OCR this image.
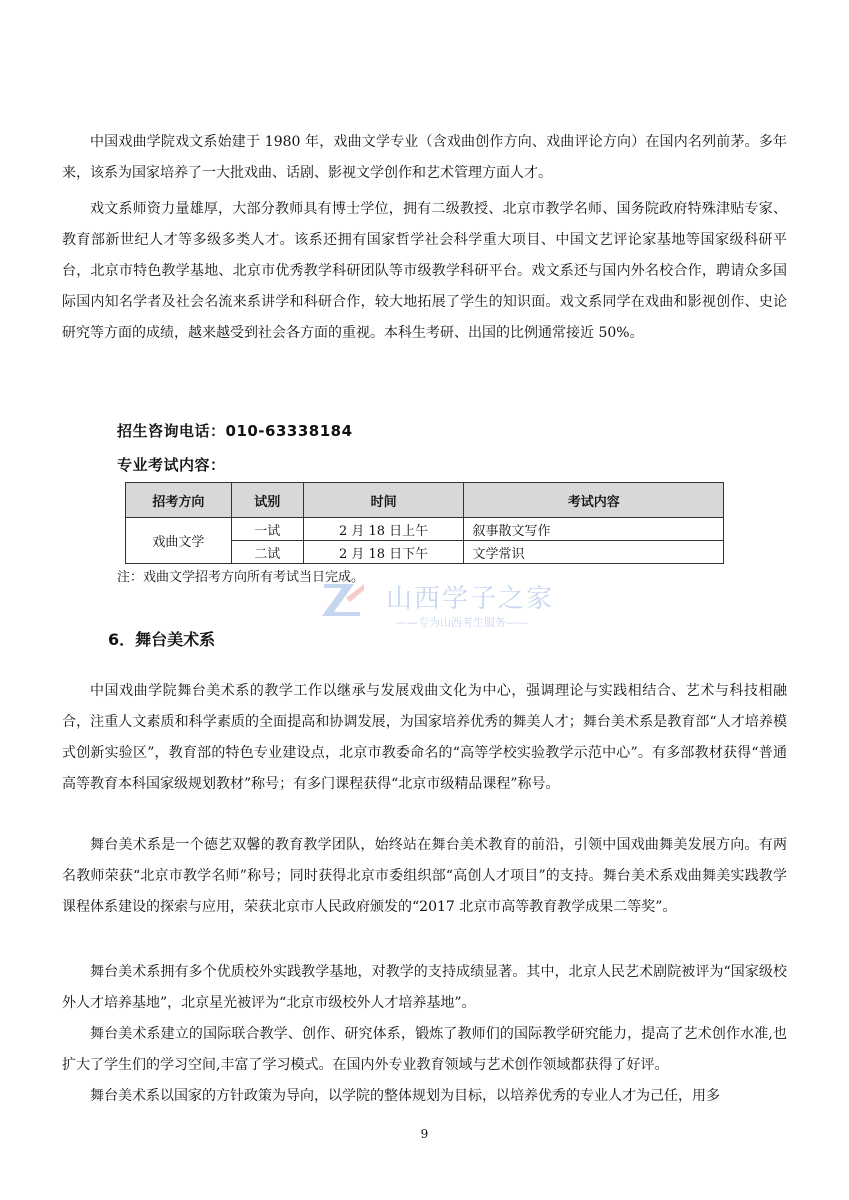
中国戏曲学院戏文系始建于 1980 年，戏曲文学专业（含戏曲创作方向、戏曲评论方向）在国内名列前茅。多年来，该系为国家培养了一大批戏曲、话剧、影视文学创作和艺术管理方面人才。

戏文系师资力量雄厚，大部分教师具有博士学位，拥有二级教授、北京市教学名师、国务院政府特殊津贴专家、教育部新世纪人才等多级多类人才。该系还拥有国家哲学社会科学重大项目、中国文艺评论家基地等国家级科研平台，北京市特色教学基地、北京市优秀教学科研团队等市级教学科研平台。戏文系还与国内外名校合作，聘请众多国际国内知名学者及社会名流来系讲学和科研合作，较大地拓展了学生的知识面。戏文系同学在戏曲和影视创作、史论研究等方面的成绩，越来越受到社会各方面的重视。本科生考研、出国的比例通常接近 50%。

招生咨询电话：010-63338184
专业考试内容：
招考方向	试别	时间	考试内容
戏曲文学	一试	2 月 18 日上午	叙事散文写作
	二试	2 月 18 日下午	文学常识
注：戏曲文学招考方向所有考试当日完成。
山西学子之家
——专为山西考生服务——
6．舞台美术系

中国戏曲学院舞台美术系的教学工作以继承与发展戏曲文化为中心，强调理论与实践相结合、艺术与科技相融合，注重人文素质和科学素质的全面提高和协调发展，为国家培养优秀的舞美人才；舞台美术系是教育部“人才培养模式创新实验区”，教育部的特色专业建设点，北京市教委命名的“高等学校实验教学示范中心”。有多部教材获得“普通高等教育本科国家级规划教材”称号；有多门课程获得“北京市级精品课程”称号。

舞台美术系是一个德艺双馨的教育教学团队，始终站在舞台美术教育的前沿，引领中国戏曲舞美发展方向。有两名教师荣获“北京市教学名师”称号；同时获得北京市委组织部“高创人才项目”的支持。舞台美术系戏曲舞美实践教学课程体系建设的探索与应用，荣获北京市人民政府颁发的“2017 北京市高等教育教学成果二等奖”。

舞台美术系拥有多个优质校外实践教学基地，对教学的支持成绩显著。其中，北京人民艺术剧院被评为“国家级校外人才培养基地”，北京星光被评为“北京市级校外人才培养基地”。

舞台美术系建立的国际联合教学、创作、研究体系，锻炼了教师们的国际教学研究能力，提高了艺术创作水准,也扩大了学生们的学习空间,丰富了学习模式。在国内外专业教育领域与艺术创作领域都获得了好评。

舞台美术系以国家的方针政策为导向，以学院的整体规划为目标，以培养优秀的专业人才为己任，用多

9
